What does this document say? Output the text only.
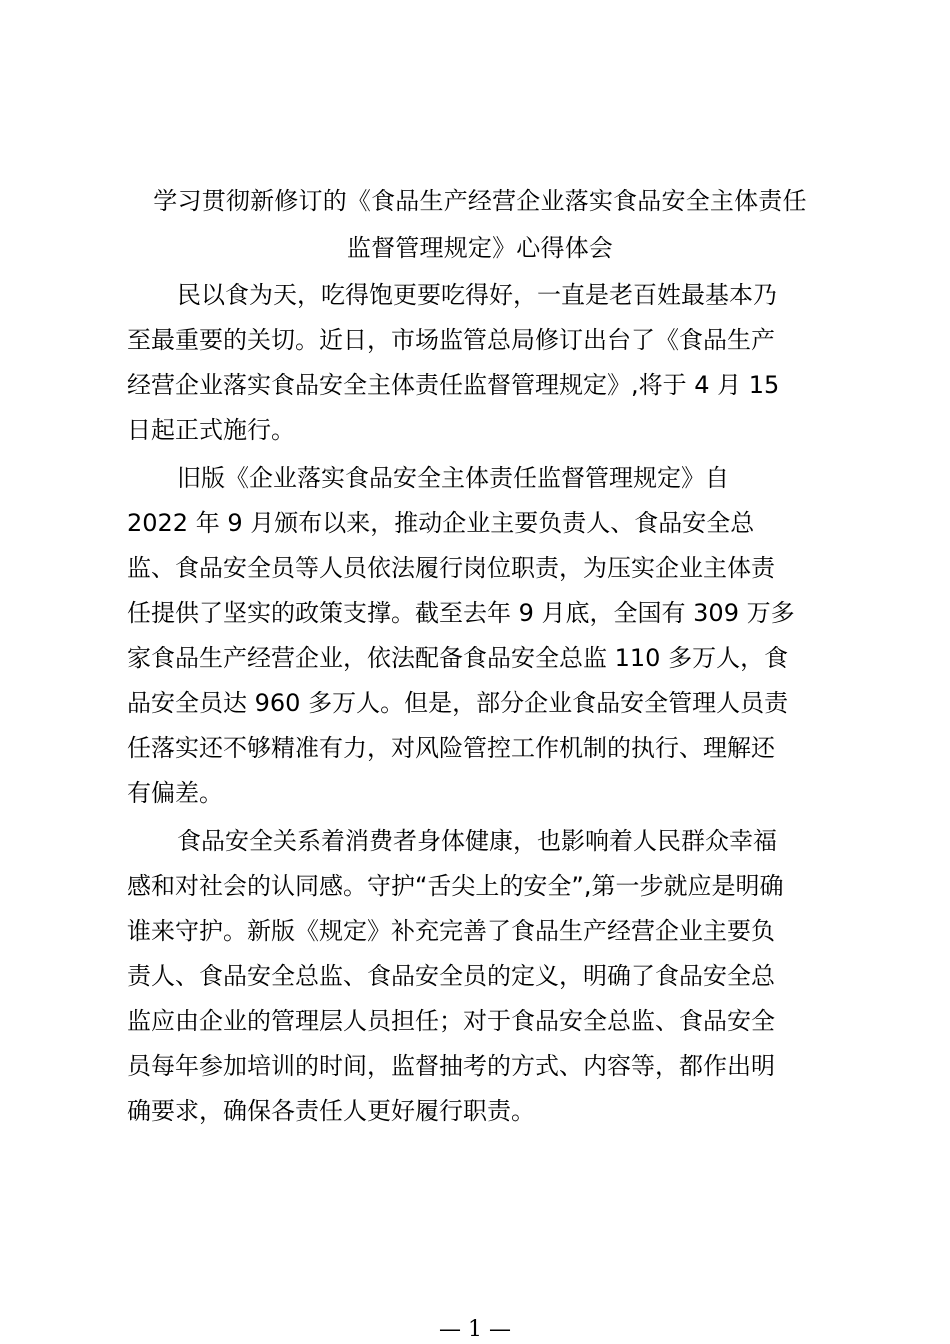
学习贯彻新修订的《食品生产经营企业落实食品安全主体责任
监督管理规定》心得体会
民以食为天，吃得饱更要吃得好，一直是老百姓最基本乃
至最重要的关切。近日，市场监管总局修订出台了《食品生产
经营企业落实食品安全主体责任监督管理规定》,将于 4 月 15
日起正式施行。
旧版《企业落实食品安全主体责任监督管理规定》自
2022 年 9 月颁布以来，推动企业主要负责人、食品安全总
监、食品安全员等人员依法履行岗位职责，为压实企业主体责
任提供了坚实的政策支撑。截至去年 9 月底，全国有 309 万多
家食品生产经营企业，依法配备食品安全总监 110 多万人，食
品安全员达 960 多万人。但是，部分企业食品安全管理人员责
任落实还不够精准有力，对风险管控工作机制的执行、理解还
有偏差。
食品安全关系着消费者身体健康，也影响着人民群众幸福
感和对社会的认同感。守护“舌尖上的安全”,第一步就应是明确
谁来守护。新版《规定》补充完善了食品生产经营企业主要负
责人、食品安全总监、食品安全员的定义，明确了食品安全总
监应由企业的管理层人员担任；对于食品安全总监、食品安全
员每年参加培训的时间，监督抽考的方式、内容等，都作出明
确要求，确保各责任人更好履行职责。
— 1 —
